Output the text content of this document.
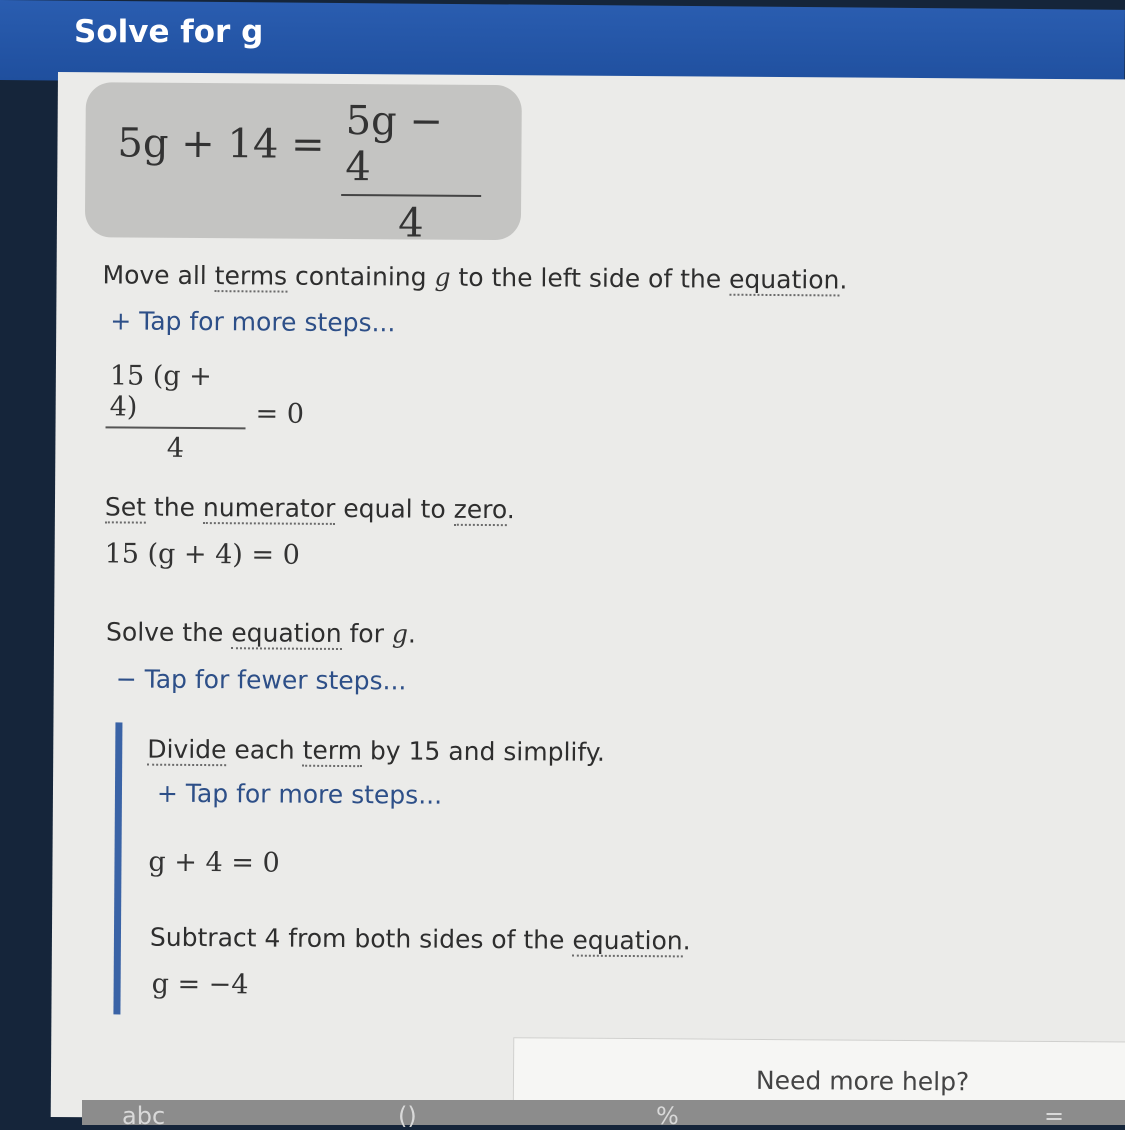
Solve for g
5g + 14 = 5g − 4
4
Move all terms containing g to the left side of the equation.
+ Tap for more steps...
15 (g + 4)
4
= 0
Set the numerator equal to zero.
15 (g + 4) = 0
Solve the equation for g.
− Tap for fewer steps...
Divide each term by 15 and simplify.
+ Tap for more steps...
g + 4 = 0
Subtract 4 from both sides of the equation.
g = −4
Need more help?
abc	()	%	=
